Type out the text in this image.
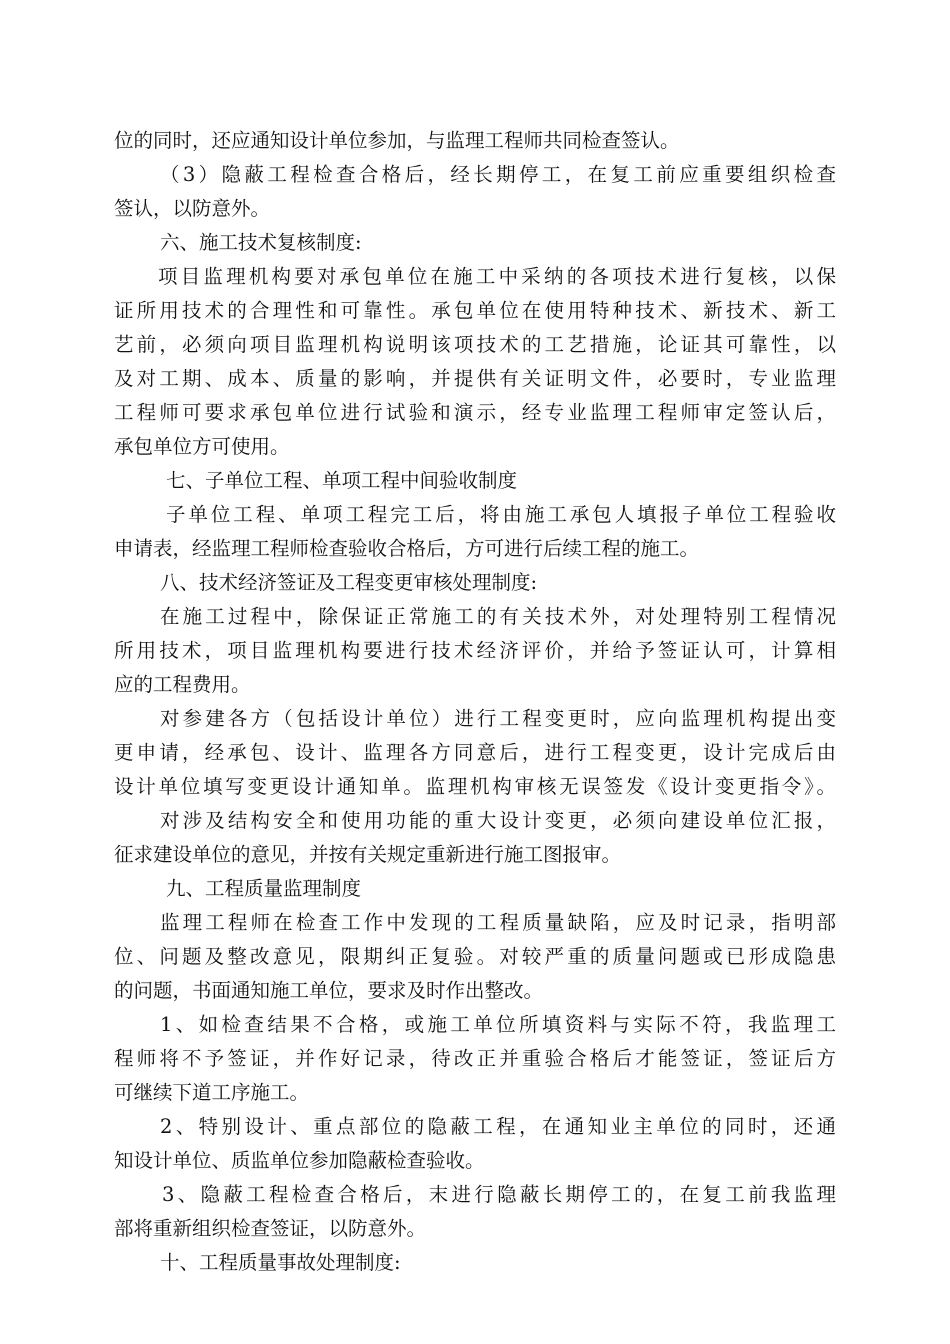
位的同时，还应通知设计单位参加，与监理工程师共同检查签认。
（3）隐蔽工程检查合格后，经长期停工，在复工前应重要组织检查
签认，以防意外。
六、施工技术复核制度:
项目监理机构要对承包单位在施工中采纳的各项技术进行复核，以保
证所用技术的合理性和可靠性。承包单位在使用特种技术、新技术、新工
艺前，必须向项目监理机构说明该项技术的工艺措施，论证其可靠性，以
及对工期、成本、质量的影响，并提供有关证明文件，必要时，专业监理
工程师可要求承包单位进行试验和演示，经专业监理工程师审定签认后，
承包单位方可使用。
七、子单位工程、单项工程中间验收制度
子单位工程、单项工程完工后，将由施工承包人填报子单位工程验收
申请表，经监理工程师检查验收合格后，方可进行后续工程的施工。
八、技术经济签证及工程变更审核处理制度:
在施工过程中，除保证正常施工的有关技术外，对处理特别工程情况
所用技术，项目监理机构要进行技术经济评价，并给予签证认可，计算相
应的工程费用。
对参建各方（包括设计单位）进行工程变更时，应向监理机构提出变
更申请，经承包、设计、监理各方同意后，进行工程变更，设计完成后由
设计单位填写变更设计通知单。监理机构审核无误签发《设计变更指令》。
对涉及结构安全和使用功能的重大设计变更，必须向建设单位汇报，
征求建设单位的意见，并按有关规定重新进行施工图报审。
九、工程质量监理制度
监理工程师在检查工作中发现的工程质量缺陷，应及时记录，指明部
位、问题及整改意见，限期纠正复验。对较严重的质量问题或已形成隐患
的问题，书面通知施工单位，要求及时作出整改。
1、如检查结果不合格，或施工单位所填资料与实际不符，我监理工
程师将不予签证，并作好记录，待改正并重验合格后才能签证，签证后方
可继续下道工序施工。
2、特别设计、重点部位的隐蔽工程，在通知业主单位的同时，还通
知设计单位、质监单位参加隐蔽检查验收。
3、隐蔽工程检查合格后，末进行隐蔽长期停工的，在复工前我监理
部将重新组织检查签证，以防意外。
十、工程质量事故处理制度:
